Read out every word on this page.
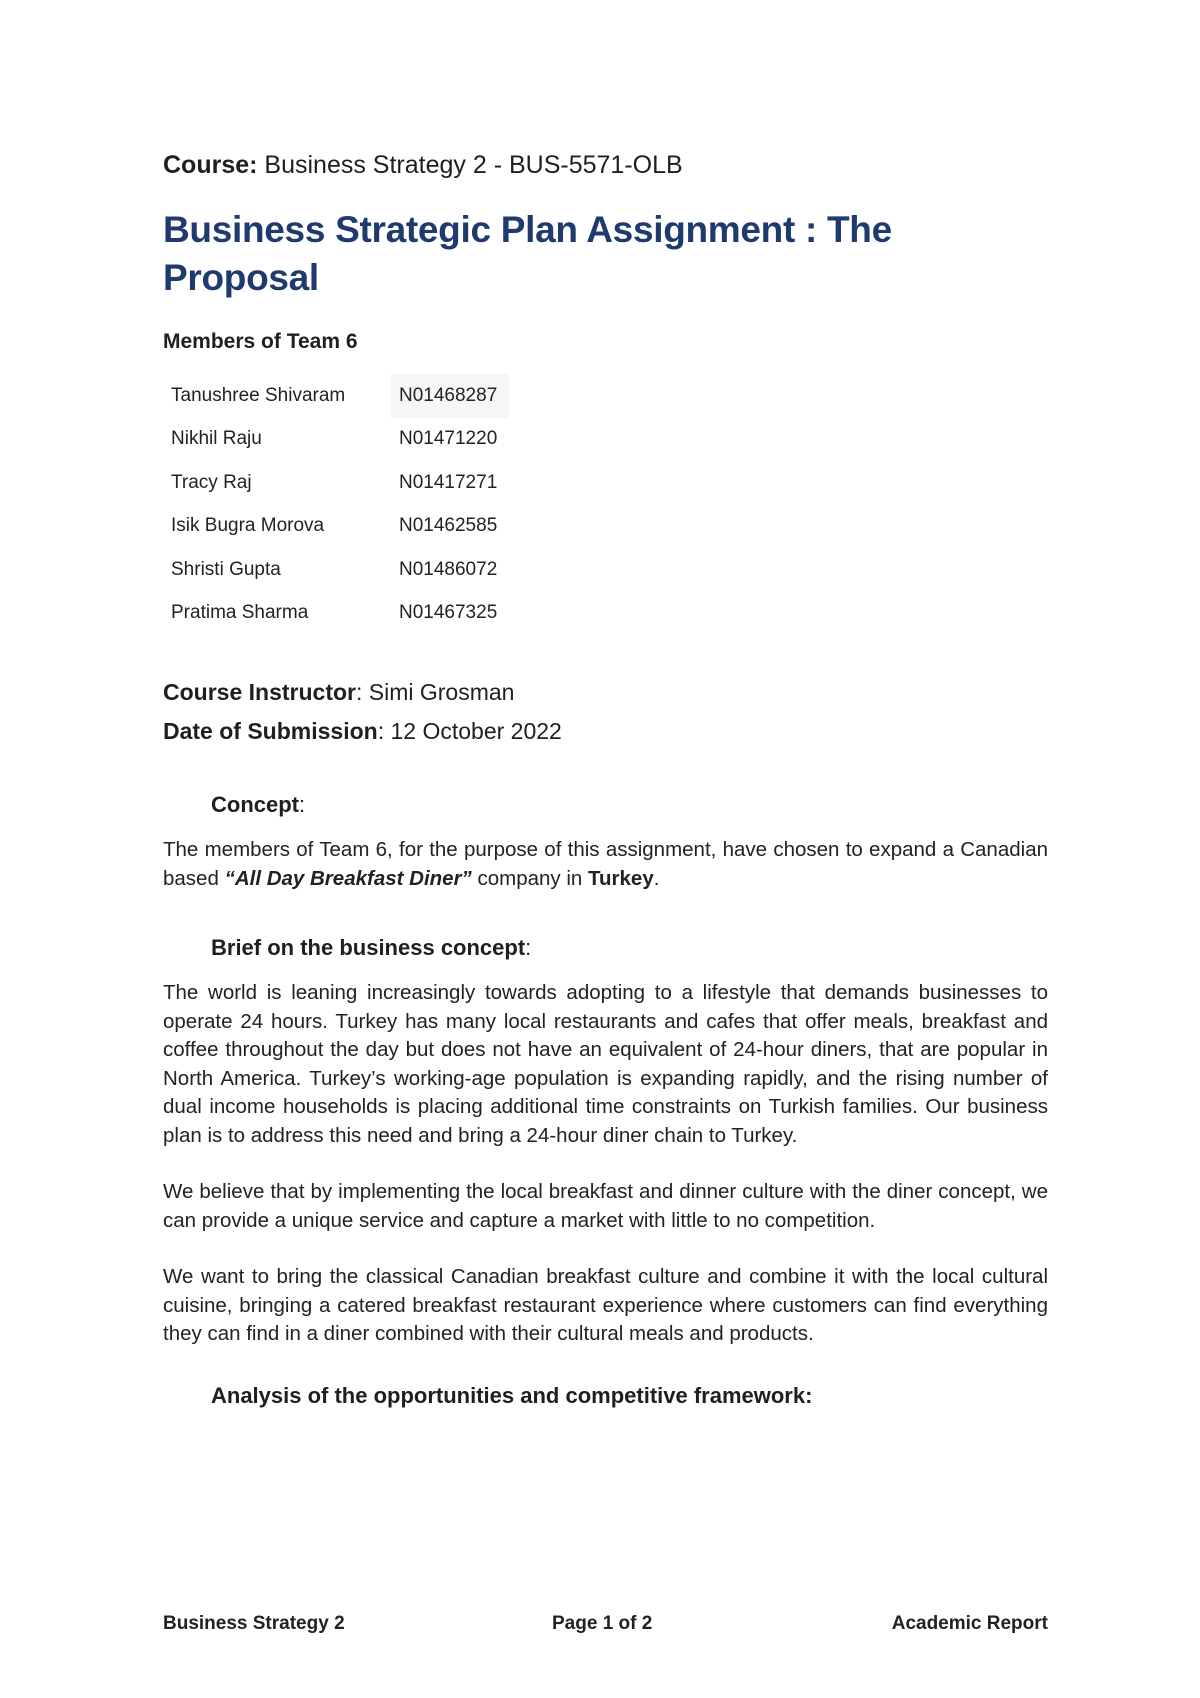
Course: Business Strategy 2 - BUS-5571-OLB

Business Strategic Plan Assignment : The Proposal
Members of Team 6
Tanushree Shivaram	N01468287
Nikhil Raju	N01471220
Tracy Raj	N01417271
Isik Bugra Morova	N01462585
Shristi Gupta	N01486072
Pratima Sharma	N01467325

Course Instructor: Simi Grosman

Date of Submission: 12 October 2022

Concept:

The members of Team 6, for the purpose of this assignment, have chosen to expand a Canadian based “All Day Breakfast Diner” company in Turkey.

Brief on the business concept:

The world is leaning increasingly towards adopting to a lifestyle that demands businesses to operate 24 hours. Turkey has many local restaurants and cafes that offer meals, breakfast and coffee throughout the day but does not have an equivalent of 24-hour diners, that are popular in North America. Turkey’s working-age population is expanding rapidly, and the rising number of dual income households is placing additional time constraints on Turkish families. Our business plan is to address this need and bring a 24-hour diner chain to Turkey.

We believe that by implementing the local breakfast and dinner culture with the diner concept, we can provide a unique service and capture a market with little to no competition.

We want to bring the classical Canadian breakfast culture and combine it with the local cultural cuisine, bringing a catered breakfast restaurant experience where customers can find everything they can find in a diner combined with their cultural meals and products.

Analysis of the opportunities and competitive framework:
Business Strategy 2	Page 1 of 2	Academic Report
